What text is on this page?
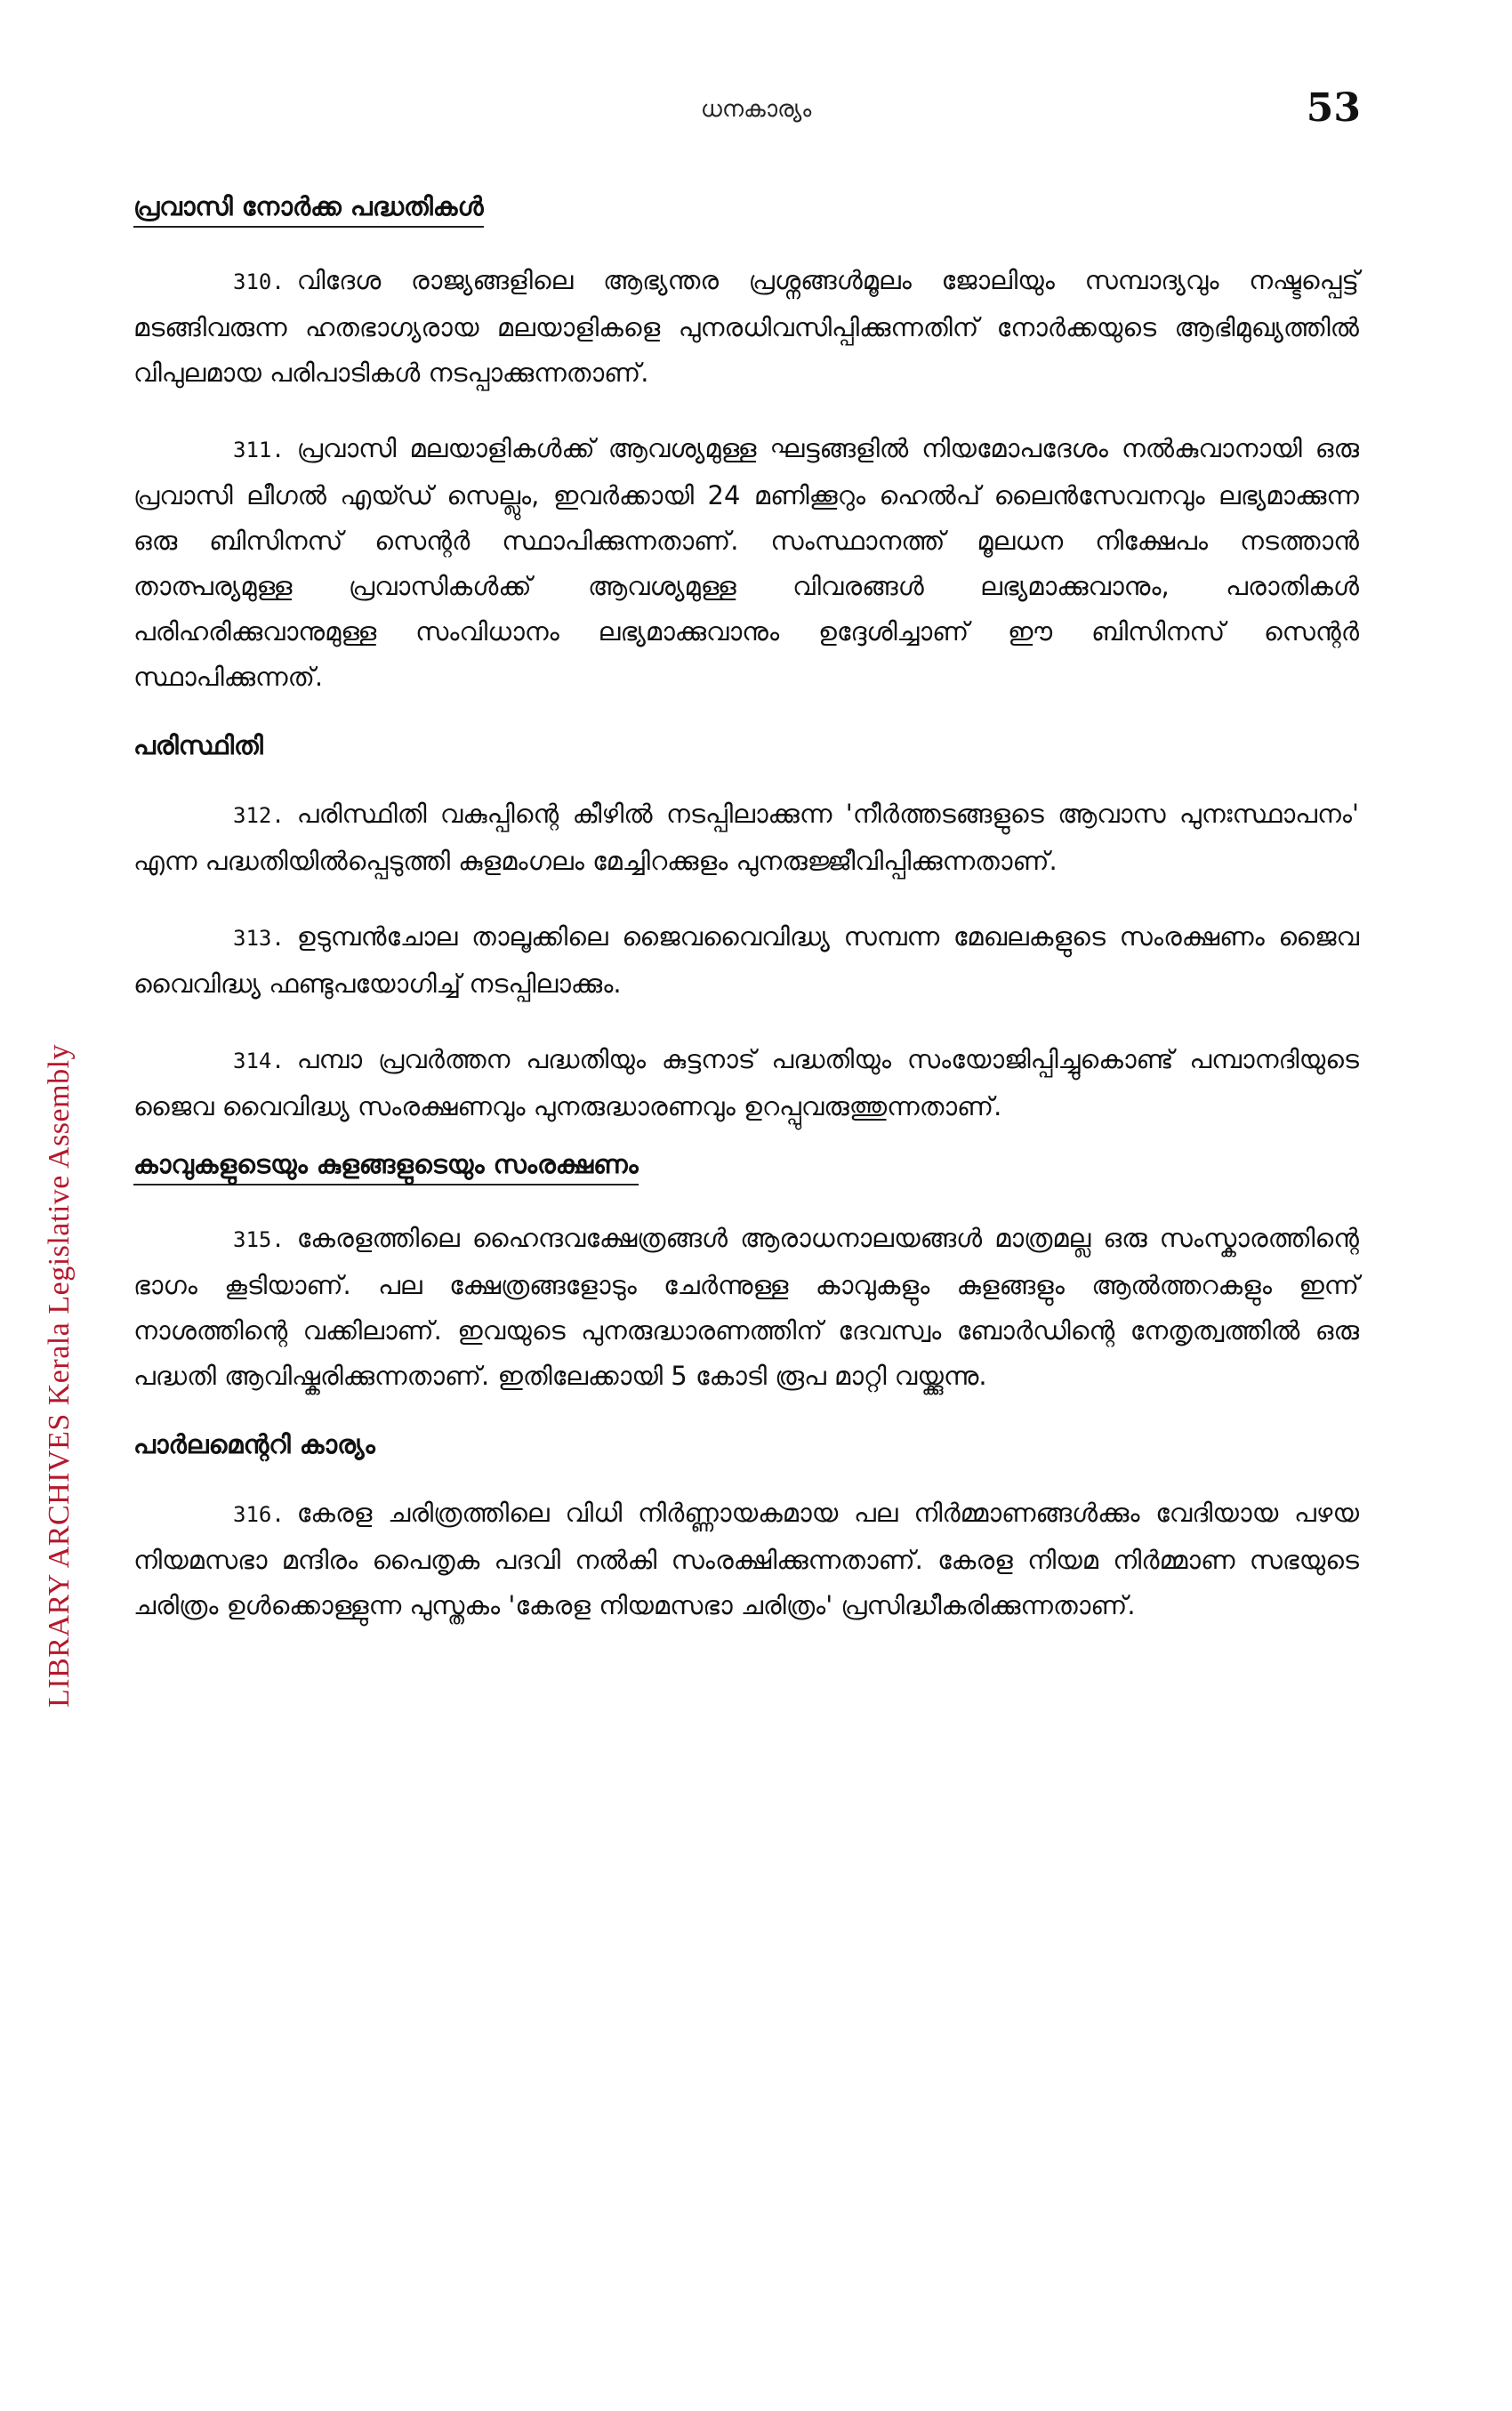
ധനകാര്യം	53
LIBRARY ARCHIVES Kerala Legislative Assembly
പ്രവാസി നോർക്ക പദ്ധതികൾ

310. വിദേശ രാജ്യങ്ങളിലെ ആഭ്യന്തര പ്രശ്നങ്ങൾമൂലം ജോലിയും സമ്പാദ്യവും നഷ്ടപ്പെട്ട് മടങ്ങിവരുന്ന ഹതഭാഗ്യരായ മലയാളികളെ പുനരധിവസിപ്പിക്കുന്നതിന് നോർക്കയുടെ ആഭിമുഖ്യത്തിൽ വിപുലമായ പരിപാടികൾ നടപ്പാക്കുന്നതാണ്.

311. പ്രവാസി മലയാളികൾക്ക് ആവശ്യമുള്ള ഘട്ടങ്ങളിൽ നിയമോപദേശം നൽകുവാനായി ഒരു പ്രവാസി ലീഗൽ എയ്ഡ് സെല്ലും, ഇവർക്കായി 24 മണിക്കൂറും ഹെൽപ് ലൈൻസേവനവും ലഭ്യമാക്കുന്ന ഒരു ബിസിനസ് സെന്റർ സ്ഥാപിക്കുന്നതാണ്. സംസ്ഥാനത്ത് മൂലധന നിക്ഷേപം നടത്താൻ താത്പര്യമുള്ള പ്രവാസികൾക്ക് ആവശ്യമുള്ള വിവരങ്ങൾ ലഭ്യമാക്കുവാനും, പരാതികൾ പരിഹരിക്കുവാനുമുള്ള സംവിധാനം ലഭ്യമാക്കുവാനും ഉദ്ദേശിച്ചാണ് ഈ ബിസിനസ് സെന്റർ സ്ഥാപിക്കുന്നത്.

പരിസ്ഥിതി

312. പരിസ്ഥിതി വകുപ്പിന്റെ കീഴിൽ നടപ്പിലാക്കുന്ന 'നീർത്തടങ്ങളുടെ ആവാസ പുനഃസ്ഥാപനം' എന്ന പദ്ധതിയിൽപ്പെടുത്തി കുളമംഗലം മേച്ചിറക്കുളം പുനരുജ്ജീവിപ്പിക്കുന്നതാണ്.

313. ഉടുമ്പൻചോല താലൂക്കിലെ ജൈവവൈവിദ്ധ്യ സമ്പന്ന മേഖലകളുടെ സംരക്ഷണം ജൈവ വൈവിദ്ധ്യ ഫണ്ടുപയോഗിച്ച് നടപ്പിലാക്കും.

314. പമ്പാ പ്രവർത്തന പദ്ധതിയും കുട്ടനാട് പദ്ധതിയും സംയോജിപ്പിച്ചുകൊണ്ട് പമ്പാനദിയുടെ ജൈവ വൈവിദ്ധ്യ സംരക്ഷണവും പുനരുദ്ധാരണവും ഉറപ്പുവരുത്തുന്നതാണ്.

കാവുകളുടെയും കുളങ്ങളുടെയും സംരക്ഷണം

315. കേരളത്തിലെ ഹൈന്ദവക്ഷേത്രങ്ങൾ ആരാധനാലയങ്ങൾ മാത്രമല്ല ഒരു സംസ്കാരത്തിന്റെ ഭാഗം കൂടിയാണ്. പല ക്ഷേത്രങ്ങളോടും ചേർന്നുള്ള കാവുകളും കുളങ്ങളും ആൽത്തറകളും ഇന്ന് നാശത്തിന്റെ വക്കിലാണ്. ഇവയുടെ പുനരുദ്ധാരണത്തിന് ദേവസ്വം ബോർഡിന്റെ നേതൃത്വത്തിൽ ഒരു പദ്ധതി ആവിഷ്കരിക്കുന്നതാണ്. ഇതിലേക്കായി 5 കോടി രൂപ മാറ്റി വയ്ക്കുന്നു.

പാർലമെന്ററി കാര്യം

316. കേരള ചരിത്രത്തിലെ വിധി നിർണ്ണായകമായ പല നിർമ്മാണങ്ങൾക്കും വേദിയായ പഴയ നിയമസഭാ മന്ദിരം പൈതൃക പദവി നൽകി സംരക്ഷിക്കുന്നതാണ്. കേരള നിയമ നിർമ്മാണ സഭയുടെ ചരിത്രം ഉൾക്കൊള്ളുന്ന പുസ്തകം 'കേരള നിയമസഭാ ചരിത്രം' പ്രസിദ്ധീകരിക്കുന്നതാണ്.
